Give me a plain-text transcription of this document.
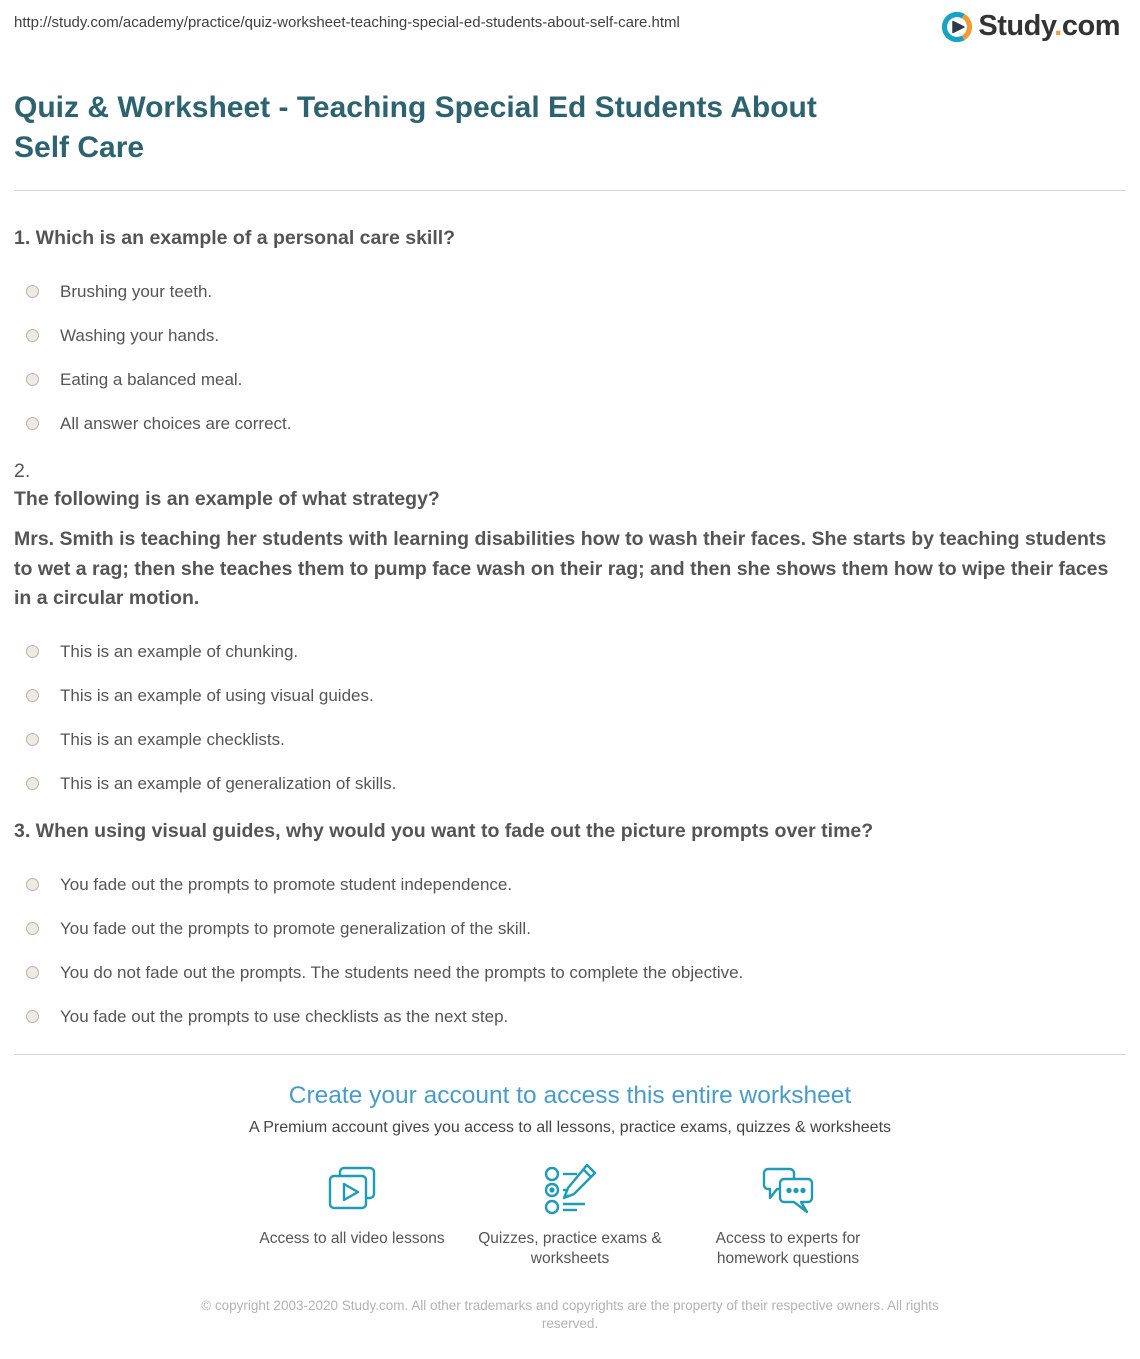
http://study.com/academy/practice/quiz-worksheet-teaching-special-ed-students-about-self-care.html	Study.com
Quiz & Worksheet - Teaching Special Ed Students About Self Care
1. Which is an example of a personal care skill?
Brushing your teeth.
Washing your hands.
Eating a balanced meal.
All answer choices are correct.
2.
The following is an example of what strategy?

Mrs. Smith is teaching her students with learning disabilities how to wash their faces. She starts by teaching students to wet a rag; then she teaches them to pump face wash on their rag; and then she shows them how to wipe their faces in a circular motion.

This is an example of chunking.
This is an example of using visual guides.
This is an example checklists.
This is an example of generalization of skills.
3. When using visual guides, why would you want to fade out the picture prompts over time?
You fade out the prompts to promote student independence.
You fade out the prompts to promote generalization of the skill.
You do not fade out the prompts. The students need the prompts to complete the objective.
You fade out the prompts to use checklists as the next step.
Create your account to access this entire worksheet
A Premium account gives you access to all lessons, practice exams, quizzes & worksheets
Access to all video lessons Quizzes, practice exams & worksheets
Access to experts for homework questions
© copyright 2003-2020 Study.com. All other trademarks and copyrights are the property of their respective owners. All rights reserved.
